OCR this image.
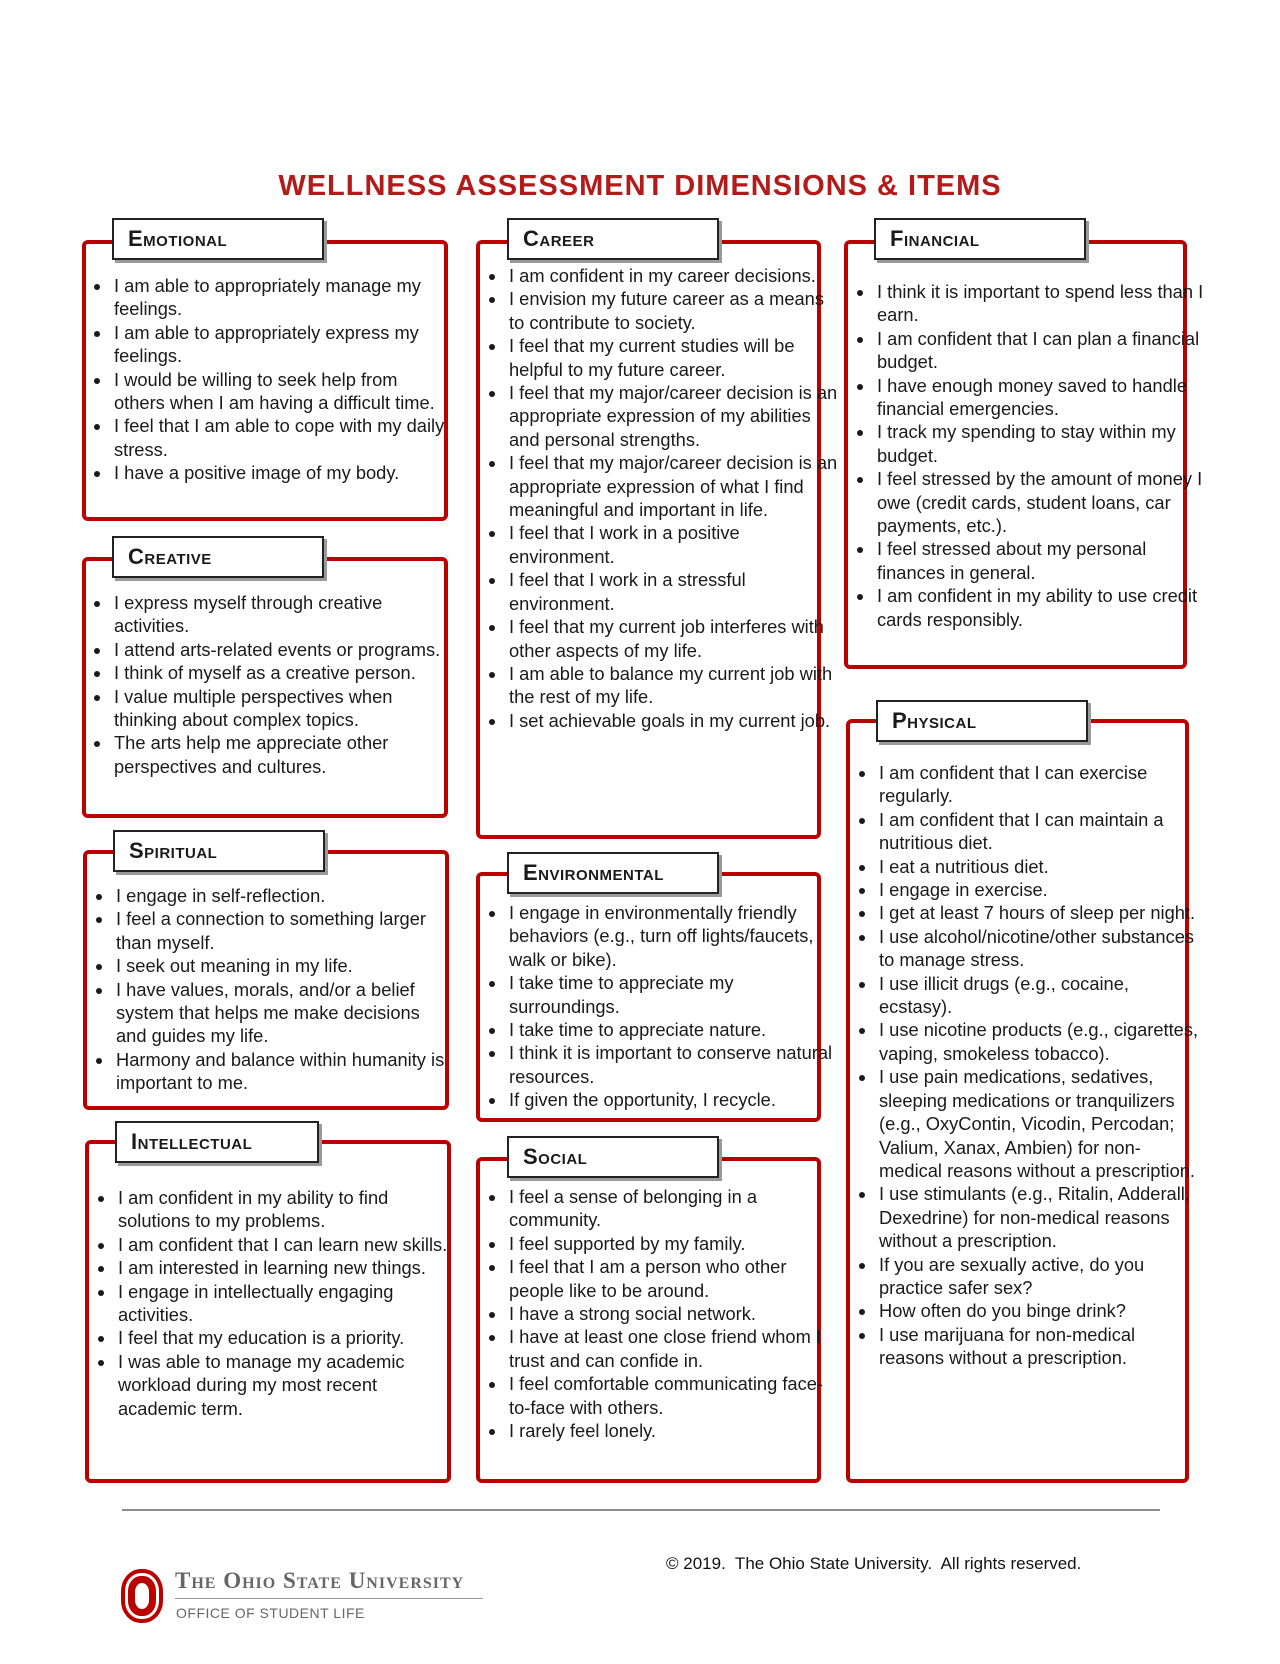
WELLNESS ASSESSMENT DIMENSIONS & ITEMS
Emotional
• I am able to appropriately manage my feelings.
• I am able to appropriately express my feelings.
• I would be willing to seek help from others when I am having a difficult time.
• I feel that I am able to cope with my daily stress.
• I have a positive image of my body.
Creative
• I express myself through creative activities.
• I attend arts-related events or programs.
• I think of myself as a creative person.
• I value multiple perspectives when thinking about complex topics.
• The arts help me appreciate other perspectives and cultures.
Spiritual
• I engage in self-reflection.
• I feel a connection to something larger than myself.
• I seek out meaning in my life.
• I have values, morals, and/or a belief system that helps me make decisions and guides my life.
• Harmony and balance within humanity is important to me.
Intellectual
• I am confident in my ability to find solutions to my problems.
• I am confident that I can learn new skills.
• I am interested in learning new things.
• I engage in intellectually engaging activities.
• I feel that my education is a priority.
• I was able to manage my academic workload during my most recent academic term.
Career
• I am confident in my career decisions.
• I envision my future career as a means to contribute to society.
• I feel that my current studies will be helpful to my future career.
• I feel that my major/career decision is an appropriate expression of my abilities and personal strengths.
• I feel that my major/career decision is an appropriate expression of what I find meaningful and important in life.
• I feel that I work in a positive environment.
• I feel that I work in a stressful environment.
• I feel that my current job interferes with other aspects of my life.
• I am able to balance my current job with the rest of my life.
• I set achievable goals in my current job.
Environmental
• I engage in environmentally friendly behaviors (e.g., turn off lights/faucets, walk or bike).
• I take time to appreciate my surroundings.
• I take time to appreciate nature.
• I think it is important to conserve natural resources.
• If given the opportunity, I recycle.
Social
• I feel a sense of belonging in a community.
• I feel supported by my family.
• I feel that I am a person who other people like to be around.
• I have a strong social network.
• I have at least one close friend whom I trust and can confide in.
• I feel comfortable communicating face-to-face with others.
• I rarely feel lonely.
Financial
• I think it is important to spend less than I earn.
• I am confident that I can plan a financial budget.
• I have enough money saved to handle financial emergencies.
• I track my spending to stay within my budget.
• I feel stressed by the amount of money I owe (credit cards, student loans, car payments, etc.).
• I feel stressed about my personal finances in general.
• I am confident in my ability to use credit cards responsibly.
Physical
• I am confident that I can exercise regularly.
• I am confident that I can maintain a nutritious diet.
• I eat a nutritious diet.
• I engage in exercise.
• I get at least 7 hours of sleep per night.
• I use alcohol/nicotine/other substances to manage stress.
• I use illicit drugs (e.g., cocaine, ecstasy).
• I use nicotine products (e.g., cigarettes, vaping, smokeless tobacco).
• I use pain medications, sedatives, sleeping medications or tranquilizers (e.g., OxyContin, Vicodin, Percodan; Valium, Xanax, Ambien) for non-medical reasons without a prescription.
• I use stimulants (e.g., Ritalin, Adderall, Dexedrine) for non-medical reasons without a prescription.
• If you are sexually active, do you practice safer sex?
• How often do you binge drink?
• I use marijuana for non-medical reasons without a prescription.
© 2019.  The Ohio State University.  All rights reserved.
The Ohio State University
OFFICE OF STUDENT LIFE
